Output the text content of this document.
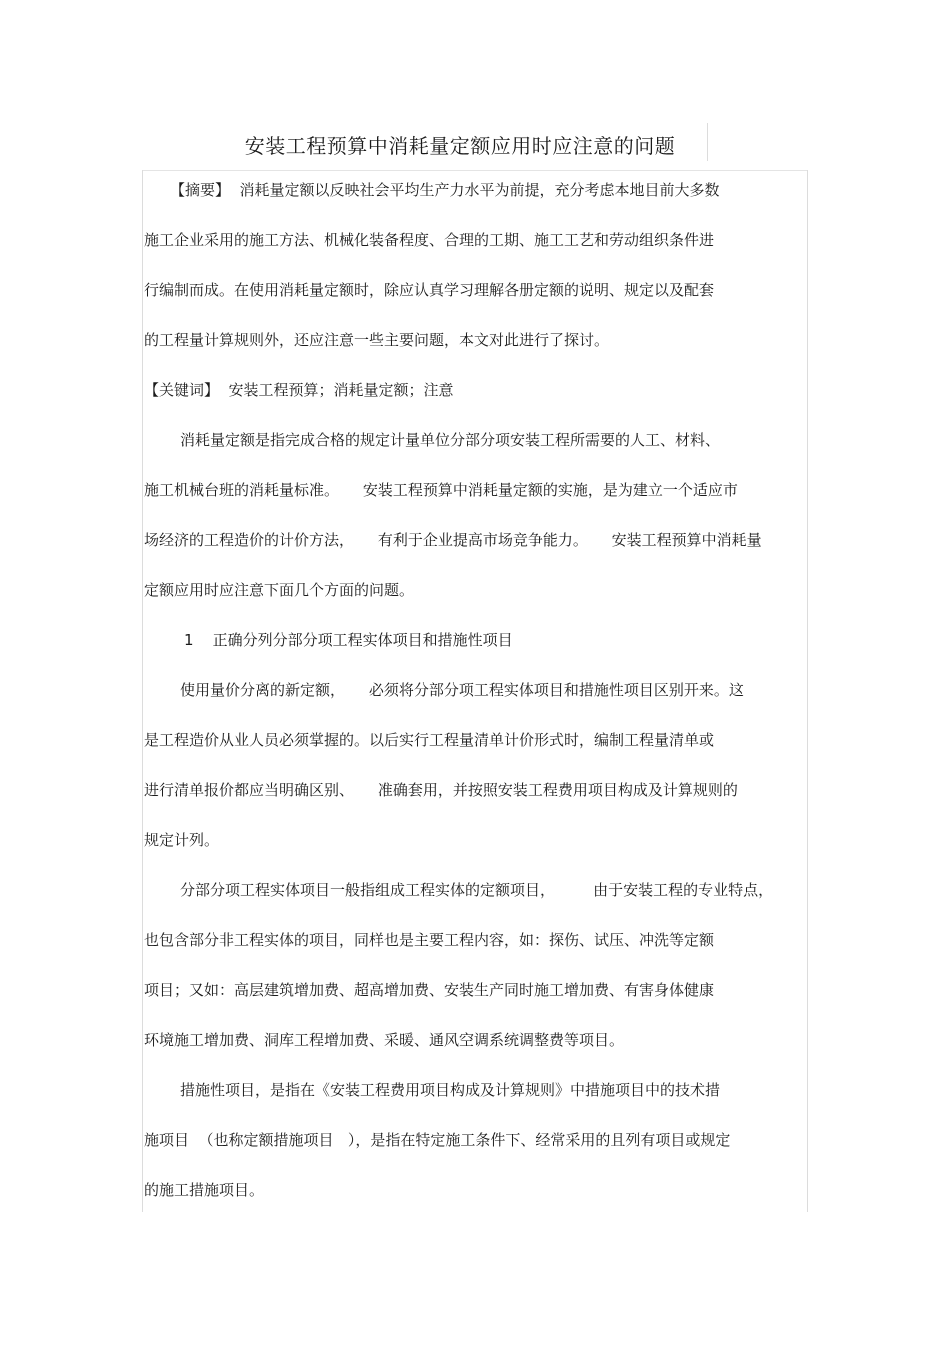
安装工程预算中消耗量定额应用时应注意的问题
【摘要】  消耗量定额以反映社会平均生产力水平为前提，充分考虑本地目前大多数
施工企业采用的施工方法、机械化装备程度、合理的工期、施工工艺和劳动组织条件进
行编制而成。在使用消耗量定额时，除应认真学习理解各册定额的说明、规定以及配套
的工程量计算规则外，还应注意一些主要问题，本文对此进行了探讨。
【关键词】  安装工程预算；消耗量定额；注意
消耗量定额是指完成合格的规定计量单位分部分项安装工程所需要的人工、材料、
施工机械台班的消耗量标准。     安装工程预算中消耗量定额的实施，是为建立一个适应市
场经济的工程造价的计价方法，     有利于企业提高市场竞争能力。     安装工程预算中消耗量
定额应用时应注意下面几个方面的问题。
1    正确分列分部分项工程实体项目和措施性项目
使用量价分离的新定额，     必须将分部分项工程实体项目和措施性项目区别开来。这
是工程造价从业人员必须掌握的。以后实行工程量清单计价形式时，编制工程量清单或
进行清单报价都应当明确区别、     准确套用，并按照安装工程费用项目构成及计算规则的
规定计列。
分部分项工程实体项目一般指组成工程实体的定额项目，        由于安装工程的专业特点，
也包含部分非工程实体的项目，同样也是主要工程内容，如：探伤、试压、冲洗等定额
项目；又如：高层建筑增加费、超高增加费、安装生产同时施工增加费、有害身体健康
环境施工增加费、洞库工程增加费、采暖、通风空调系统调整费等项目。
措施性项目，是指在《安装工程费用项目构成及计算规则》中措施项目中的技术措
施项目  （也称定额措施项目   ），是指在特定施工条件下、经常采用的且列有项目或规定
的施工措施项目。
